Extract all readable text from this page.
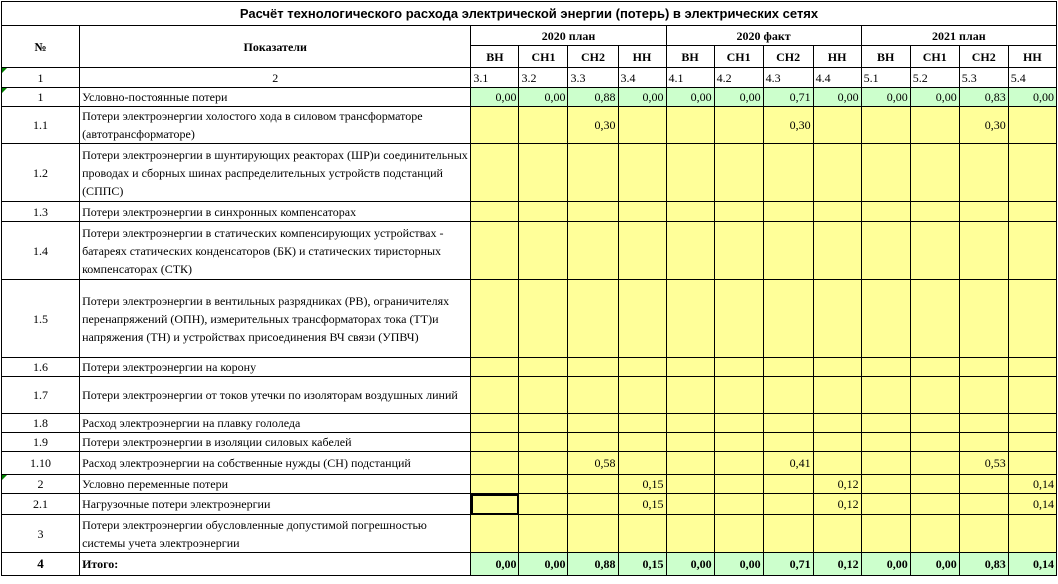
Расчёт технологического расхода электрической энергии (потерь) в электрических сетях													
№	Показатели	2020 план				2020 факт				2021 план			
		ВН	СН1	СН2	НН	ВН	СН1	СН2	НН	ВН	СН1	СН2	НН
1	2	3.1	3.2	3.3	3.4	4.1	4.2	4.3	4.4	5.1	5.2	5.3	5.4
1	Условно-постоянные потери	0,00	0,00	0,88	0,00	0,00	0,00	0,71	0,00	0,00	0,00	0,83	0,00
1.1	Потери электроэнергии холостого хода в силовом трансформаторе (автотрансформаторе)			0,30				0,30				0,30	
1.2	Потери электроэнергии в шунтирующих реакторах (ШР)и соединительных проводах и сборных шинах распределительных устройств подстанций (СППС)												
1.3	Потери электроэнергии в синхронных компенсаторах												
1.4	Потери электроэнергии в статических компенсирующих устройствах - батареях статических конденсаторов (БК) и статических тиристорных компенсаторах (СТК)												
1.5	Потери электроэнергии в вентильных разрядниках (РВ), ограничителях перенапряжений (ОПН), измерительных трансформаторах тока (ТТ)и напряжения (ТН) и устройствах присоединения ВЧ связи (УПВЧ)												
1.6	Потери электроэнергии на корону												
1.7	Потери электроэнергии от токов утечки по изоляторам воздушных линий												
1.8	Расход электроэнергии на плавку гололеда												
1.9	Потери электроэнергии в изоляции силовых кабелей												
1.10	Расход электроэнергии на собственные нужды (СН) подстанций			0,58				0,41				0,53	
2	Условно переменные потери				0,15				0,12				0,14
2.1	Нагрузочные потери электроэнергии				0,15				0,12				0,14
3	Потери электроэнергии обусловленные допустимой погрешностью системы учета электроэнергии												
4	Итого:	0,00	0,00	0,88	0,15	0,00	0,00	0,71	0,12	0,00	0,00	0,83	0,14
